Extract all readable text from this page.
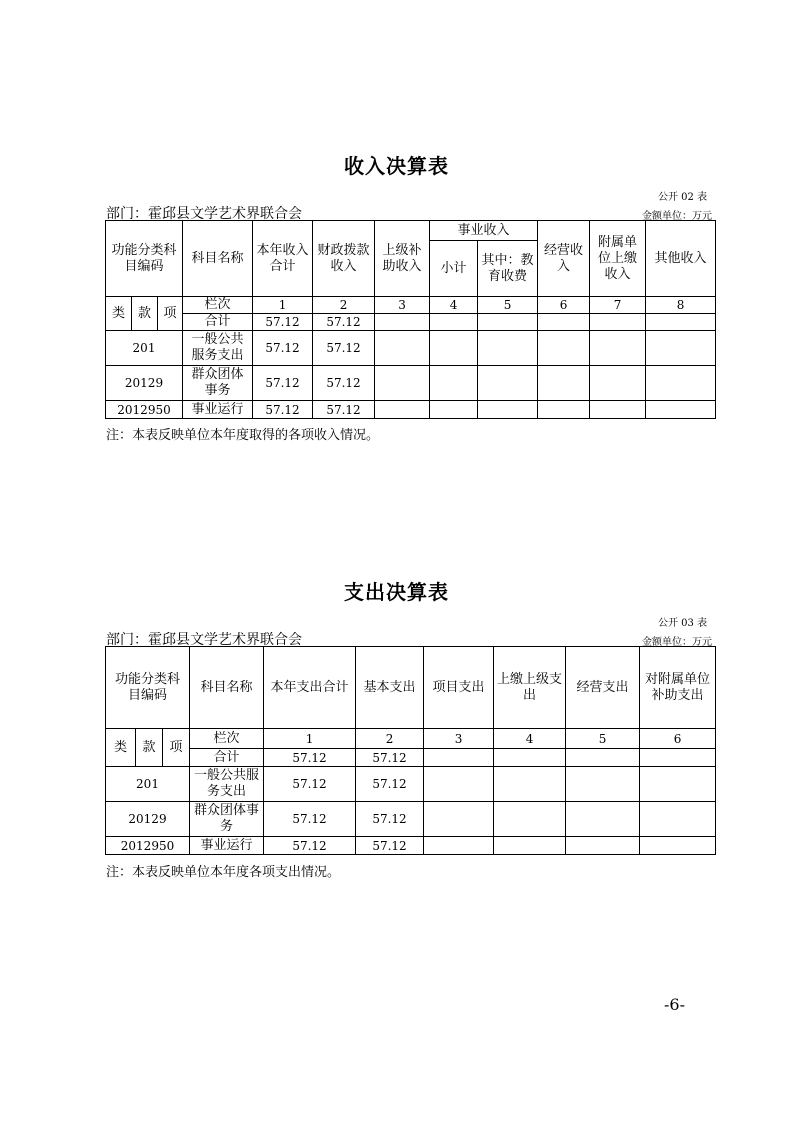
收入决算表
公开 02 表
部门：霍邱县文学艺术界联合会	金额单位：万元
功能分类科目编码			科目名称	本年收入合计	财政拨款收入	上级补助收入	事业收入		经营收入	附属单位上缴收入	其他收入
							小计	其中：教育收费			
类	款	项	栏次	1	2	3	4	5	6	7	8
			合计	57.12	57.12						
201			一般公共服务支出	57.12	57.12						
20129			群众团体事务	57.12	57.12						
2012950			事业运行	57.12	57.12						
注：本表反映单位本年度取得的各项收入情况。
支出决算表
公开 03 表
部门：霍邱县文学艺术界联合会	金额单位：万元
功能分类科目编码			科目名称	本年支出合计	基本支出	项目支出	上缴上级支出	经营支出	对附属单位补助支出
类	款	项	栏次	1	2	3	4	5	6
			合计	57.12	57.12				
201			一般公共服务支出	57.12	57.12				
20129			群众团体事务	57.12	57.12				
2012950			事业运行	57.12	57.12				
注：本表反映单位本年度各项支出情况。
-6-
